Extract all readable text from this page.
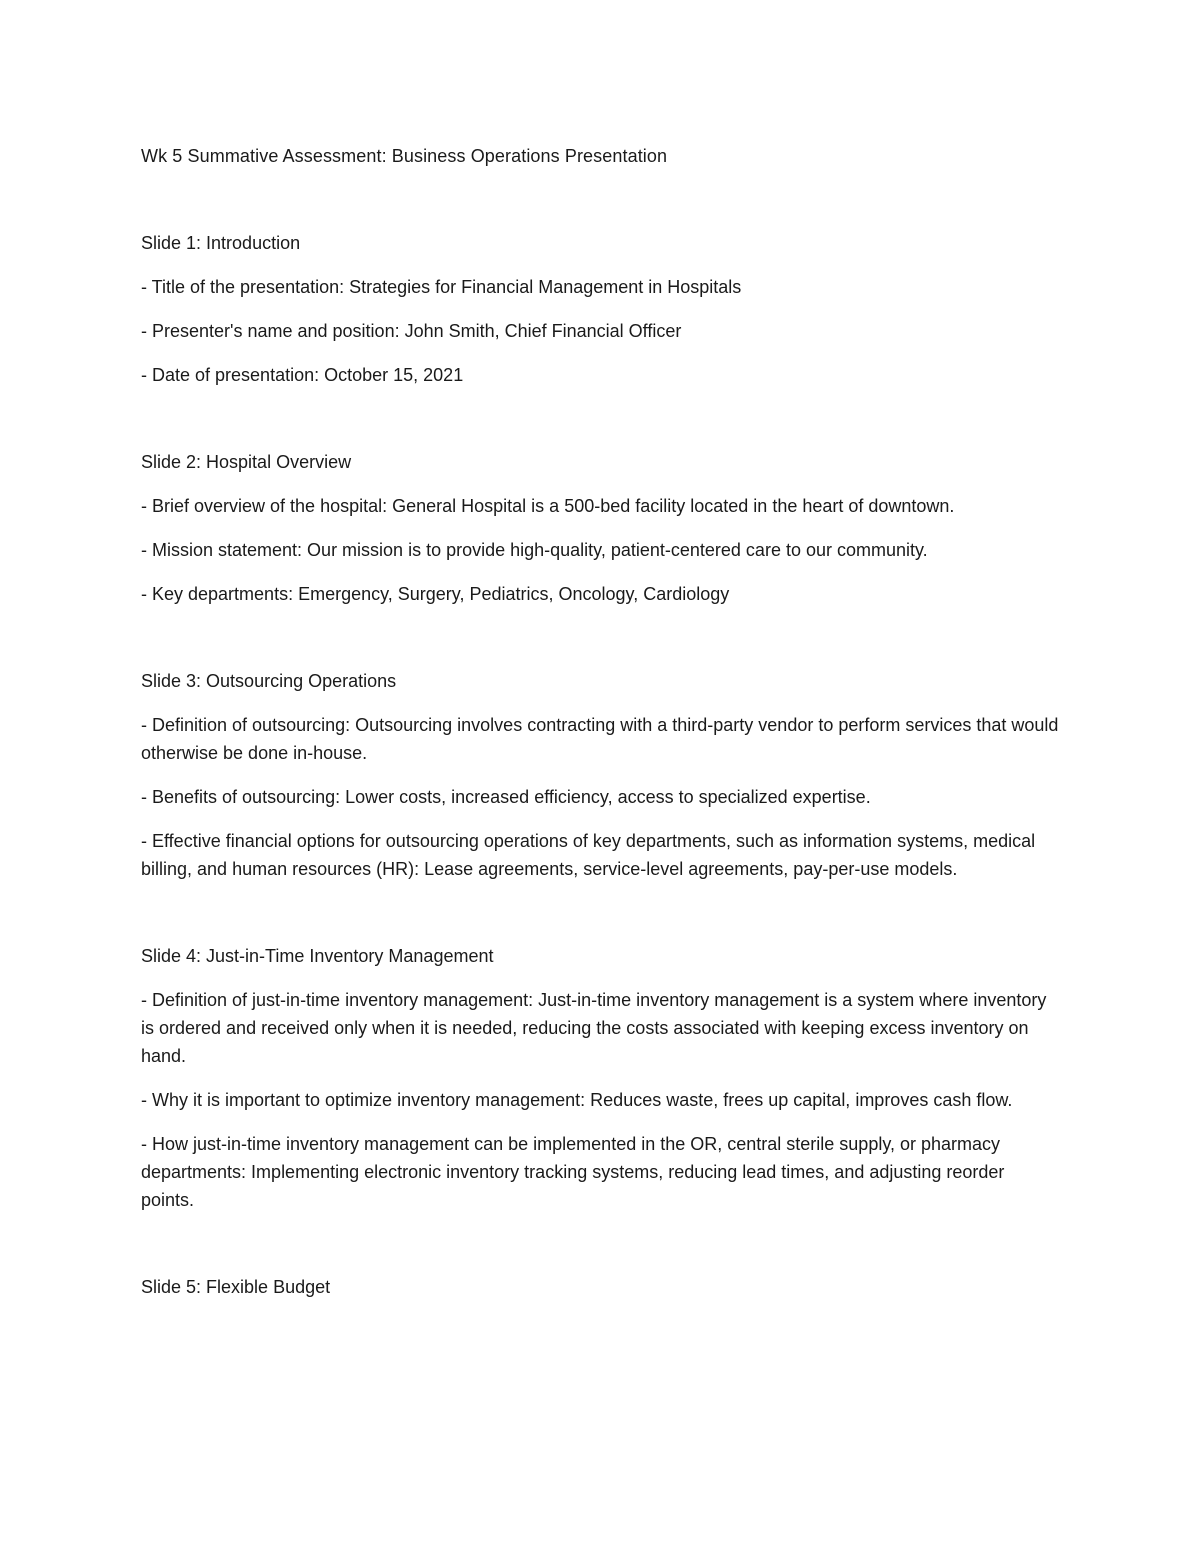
Wk 5 Summative Assessment: Business Operations Presentation

Slide 1: Introduction

- Title of the presentation: Strategies for Financial Management in Hospitals

- Presenter's name and position: John Smith, Chief Financial Officer

- Date of presentation: October 15, 2021

Slide 2: Hospital Overview

- Brief overview of the hospital: General Hospital is a 500-bed facility located in the heart of downtown.

- Mission statement: Our mission is to provide high-quality, patient-centered care to our community.

- Key departments: Emergency, Surgery, Pediatrics, Oncology, Cardiology

Slide 3: Outsourcing Operations

- Definition of outsourcing: Outsourcing involves contracting with a third-party vendor to perform services that would otherwise be done in-house.

- Benefits of outsourcing: Lower costs, increased efficiency, access to specialized expertise.

- Effective financial options for outsourcing operations of key departments, such as information systems, medical billing, and human resources (HR): Lease agreements, service-level agreements, pay-per-use models.

Slide 4: Just-in-Time Inventory Management

- Definition of just-in-time inventory management: Just-in-time inventory management is a system where inventory is ordered and received only when it is needed, reducing the costs associated with keeping excess inventory on hand.

- Why it is important to optimize inventory management: Reduces waste, frees up capital, improves cash flow.

- How just-in-time inventory management can be implemented in the OR, central sterile supply, or pharmacy departments: Implementing electronic inventory tracking systems, reducing lead times, and adjusting reorder points.

Slide 5: Flexible Budget
